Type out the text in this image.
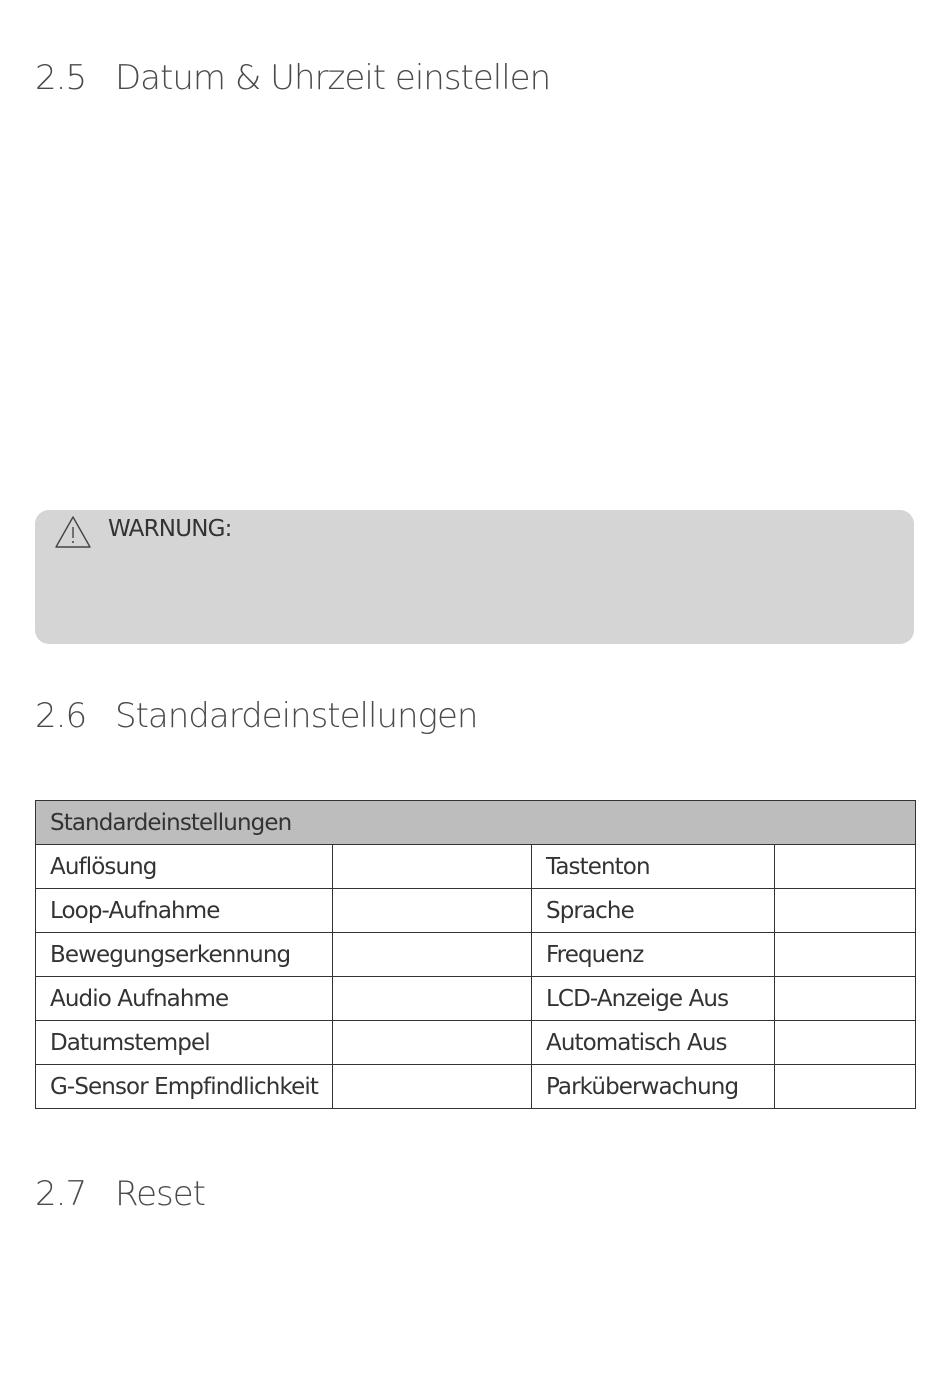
2.5 Datum & Uhrzeit einstellen
WARNUNG:
2.6 Standardeinstellungen
Standardeinstellungen			
Auflösung		Tastenton	
Loop-Aufnahme		Sprache	
Bewegungserkennung		Frequenz	
Audio Aufnahme		LCD-Anzeige Aus	
Datumstempel		Automatisch Aus	
G-Sensor Empfindlichkeit		Parküberwachung	
2.7 Reset
